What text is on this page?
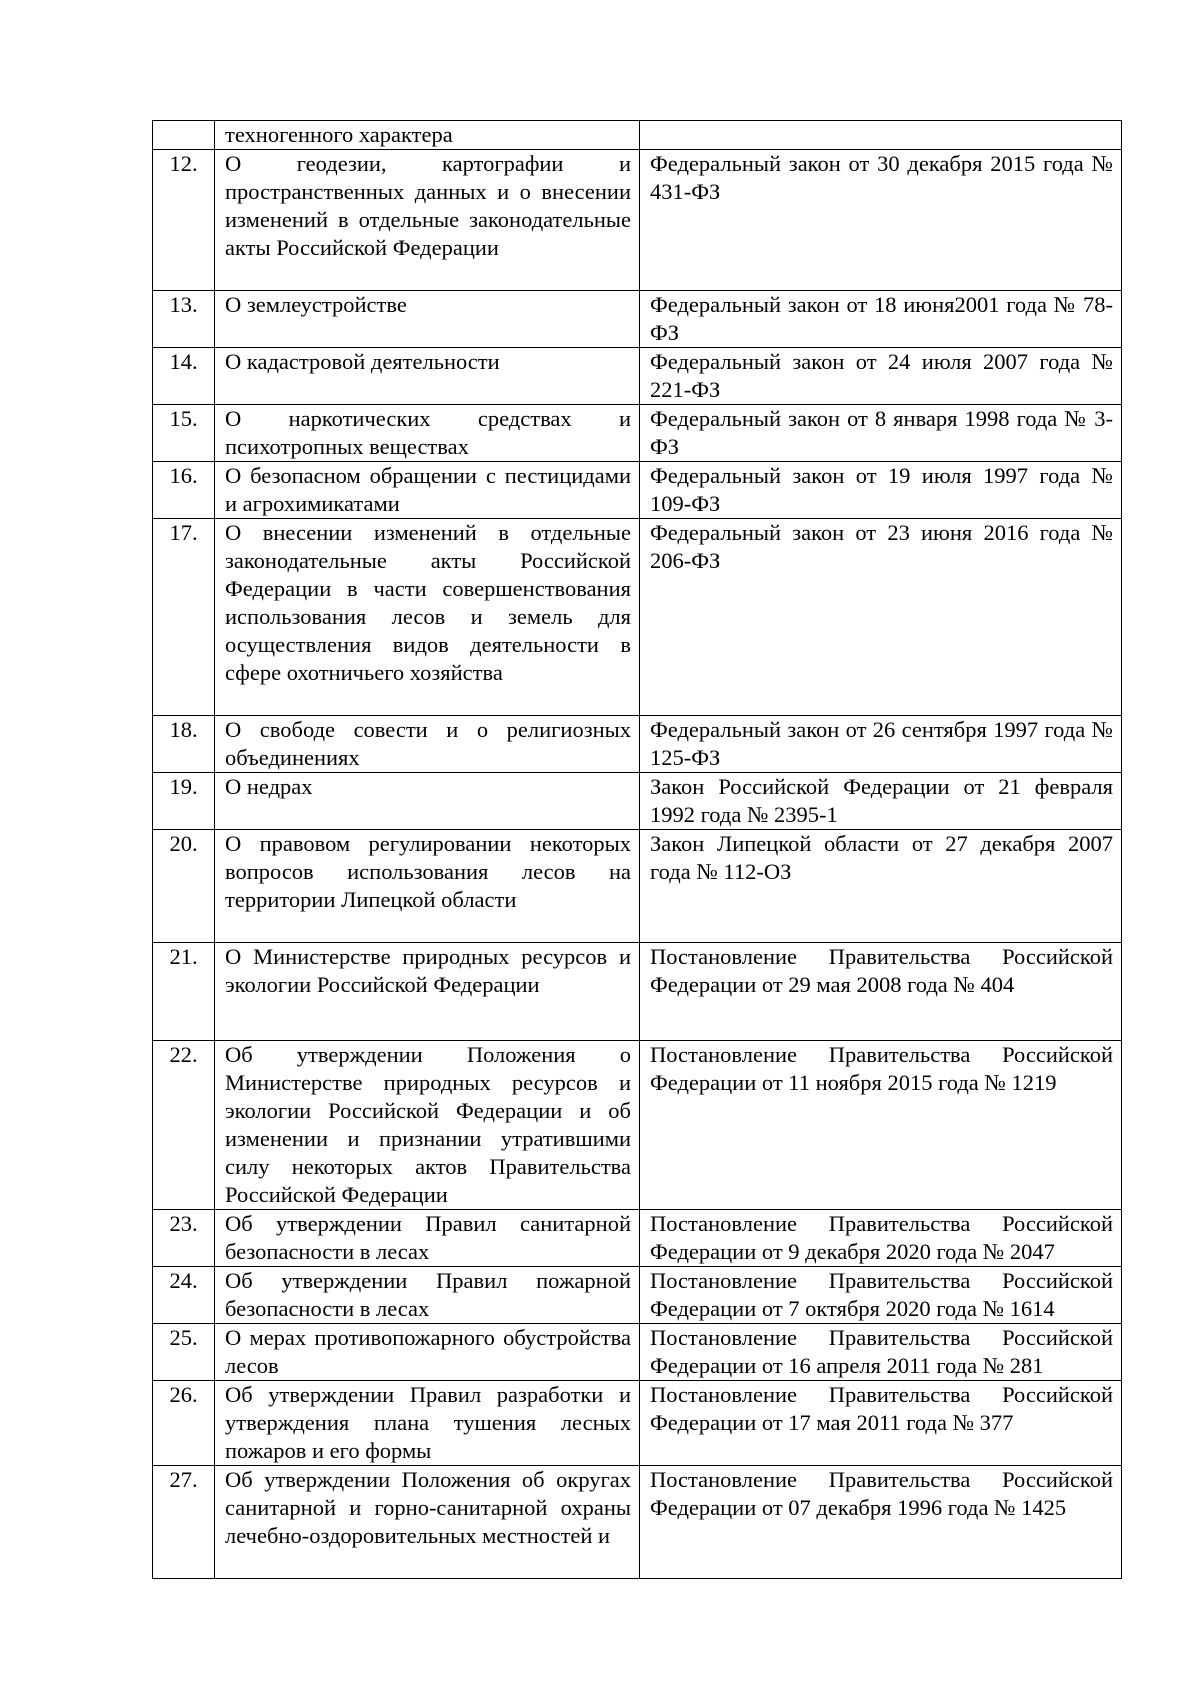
	техногенного характера	
12.	О геодезии, картографии и пространственных данных и о внесении изменений в отдельные законодательные акты Российской Федерации	Федеральный закон от 30 декабря 2015 года № 431-ФЗ
13.	О землеустройстве	Федеральный закон от 18 июня2001 года № 78-ФЗ
14.	О кадастровой деятельности	Федеральный закон от 24 июля 2007 года № 221-ФЗ
15.	О наркотических средствах и психотропных веществах	Федеральный закон от 8 января 1998 года № 3-ФЗ
16.	О безопасном обращении с пестицидами и агрохимикатами	Федеральный закон от 19 июля 1997 года № 109-ФЗ
17.	О внесении изменений в отдельные законодательные акты Российской Федерации в части совершенствования использования лесов и земель для осуществления видов деятельности в сфере охотничьего хозяйства	Федеральный закон от 23 июня 2016 года № 206-ФЗ
18.	О свободе совести и о религиозных объединениях	Федеральный закон от 26 сентября 1997 года № 125-ФЗ
19.	О недрах	Закон Российской Федерации от 21 февраля 1992 года № 2395-1
20.	О правовом регулировании некоторых вопросов использования лесов на территории Липецкой области	Закон Липецкой области от 27 декабря 2007 года № 112-ОЗ
21.	О Министерстве природных ресурсов и экологии Российской Федерации	Постановление Правительства Российской Федерации от 29 мая 2008 года № 404
22.	Об утверждении Положения о Министерстве природных ресурсов и экологии Российской Федерации и об изменении и признании утратившими силу некоторых актов Правительства Российской Федерации	Постановление Правительства Российской Федерации от 11 ноября 2015 года № 1219
23.	Об утверждении Правил санитарной безопасности в лесах	Постановление Правительства Российской Федерации от 9 декабря 2020 года № 2047
24.	Об утверждении Правил пожарной безопасности в лесах	Постановление Правительства Российской Федерации от 7 октября 2020 года № 1614
25.	О мерах противопожарного обустройства лесов	Постановление Правительства Российской Федерации от 16 апреля 2011 года № 281
26.	Об утверждении Правил разработки и утверждения плана тушения лесных пожаров и его формы	Постановление Правительства Российской Федерации от 17 мая 2011 года № 377
27.	Об утверждении Положения об округах санитарной и горно-санитарной охраны лечебно-оздоровительных местностей и	Постановление Правительства Российской Федерации от 07 декабря 1996 года № 1425
